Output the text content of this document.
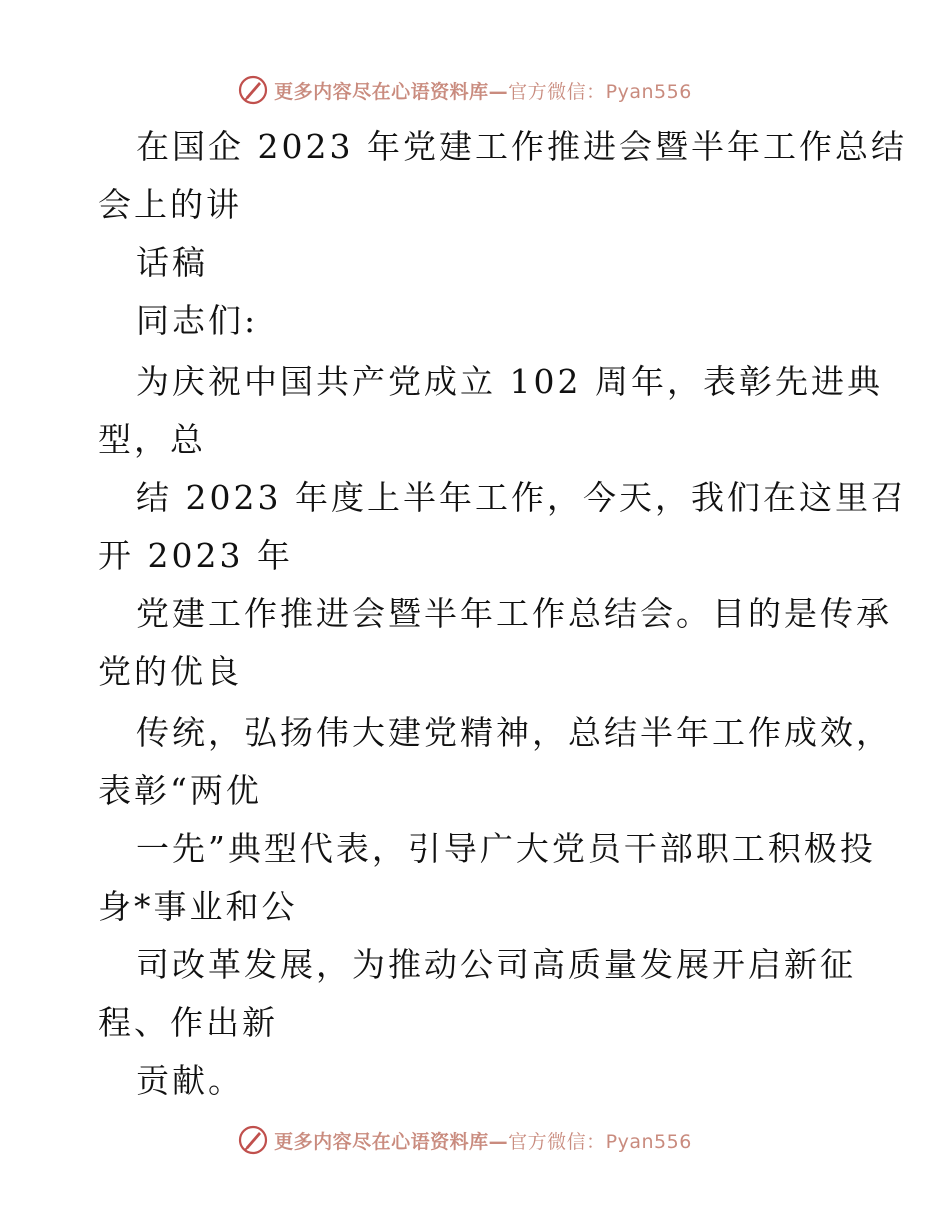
更多内容尽在心语资料库—官方微信：Pyan556
在国企 2023 年党建工作推进会暨半年工作总结
会上的讲
话稿
同志们:
为庆祝中国共产党成立 102 周年，表彰先进典
型，总
结 2023 年度上半年工作，今天，我们在这里召
开 2023 年
党建工作推进会暨半年工作总结会。目的是传承
党的优良
传统，弘扬伟大建党精神，总结半年工作成效，
表彰“两优
一先”典型代表，引导广大党员干部职工积极投
身*事业和公
司改革发展，为推动公司高质量发展开启新征
程、作出新
贡献。
更多内容尽在心语资料库—官方微信：Pyan556
